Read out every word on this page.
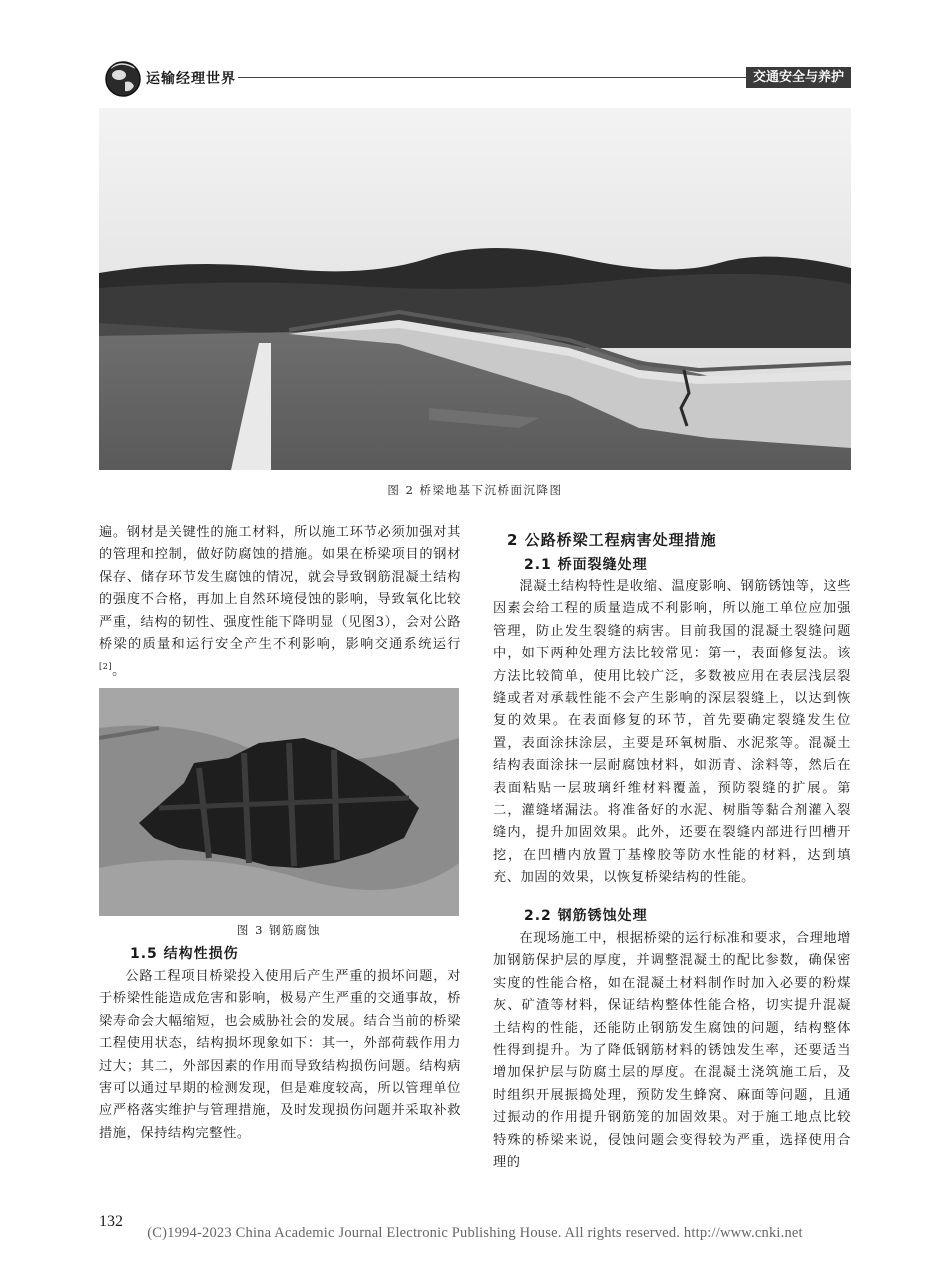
运输经理世界	交通安全与养护
图 2 桥梁地基下沉桥面沉降图

遍。钢材是关键性的施工材料，所以施工环节必须加强对其的管理和控制，做好防腐蚀的措施。如果在桥梁项目的钢材保存、储存环节发生腐蚀的情况，就会导致钢筋混凝土结构的强度不合格，再加上自然环境侵蚀的影响，导致氧化比较严重，结构的韧性、强度性能下降明显（见图3），会对公路桥梁的质量和运行安全产生不利影响，影响交通系统运行[2]。

图 3 钢筋腐蚀
1.5 结构性损伤

公路工程项目桥梁投入使用后产生严重的损坏问题，对于桥梁性能造成危害和影响，极易产生严重的交通事故，桥梁寿命会大幅缩短，也会威胁社会的发展。结合当前的桥梁工程使用状态，结构损坏现象如下：其一，外部荷载作用力过大；其二，外部因素的作用而导致结构损伤问题。结构病害可以通过早期的检测发现，但是难度较高，所以管理单位应严格落实维护与管理措施，及时发现损伤问题并采取补救措施，保持结构完整性。

2 公路桥梁工程病害处理措施
2.1 桥面裂缝处理

混凝土结构特性是收缩、温度影响、钢筋锈蚀等，这些因素会给工程的质量造成不利影响，所以施工单位应加强管理，防止发生裂缝的病害。目前我国的混凝土裂缝问题中，如下两种处理方法比较常见：第一，表面修复法。该方法比较简单，使用比较广泛，多数被应用在表层浅层裂缝或者对承载性能不会产生影响的深层裂缝上，以达到恢复的效果。在表面修复的环节，首先要确定裂缝发生位置，表面涂抹涂层，主要是环氧树脂、水泥浆等。混凝土结构表面涂抹一层耐腐蚀材料，如沥青、涂料等，然后在表面粘贴一层玻璃纤维材料覆盖，预防裂缝的扩展。第二，灌缝堵漏法。将准备好的水泥、树脂等黏合剂灌入裂缝内，提升加固效果。此外，还要在裂缝内部进行凹槽开挖，在凹槽内放置丁基橡胶等防水性能的材料，达到填充、加固的效果，以恢复桥梁结构的性能。

2.2 钢筋锈蚀处理

在现场施工中，根据桥梁的运行标准和要求，合理地增加钢筋保护层的厚度，并调整混凝土的配比参数，确保密实度的性能合格，如在混凝土材料制作时加入必要的粉煤灰、矿渣等材料，保证结构整体性能合格，切实提升混凝土结构的性能，还能防止钢筋发生腐蚀的问题，结构整体性得到提升。为了降低钢筋材料的锈蚀发生率，还要适当增加保护层与防腐土层的厚度。在混凝土浇筑施工后，及时组织开展振捣处理，预防发生蜂窝、麻面等问题，且通过振动的作用提升钢筋笼的加固效果。对于施工地点比较特殊的桥梁来说，侵蚀问题会变得较为严重，选择使用合理的

132
(C)1994-2023 China Academic Journal Electronic Publishing House. All rights reserved. http://www.cnki.net
